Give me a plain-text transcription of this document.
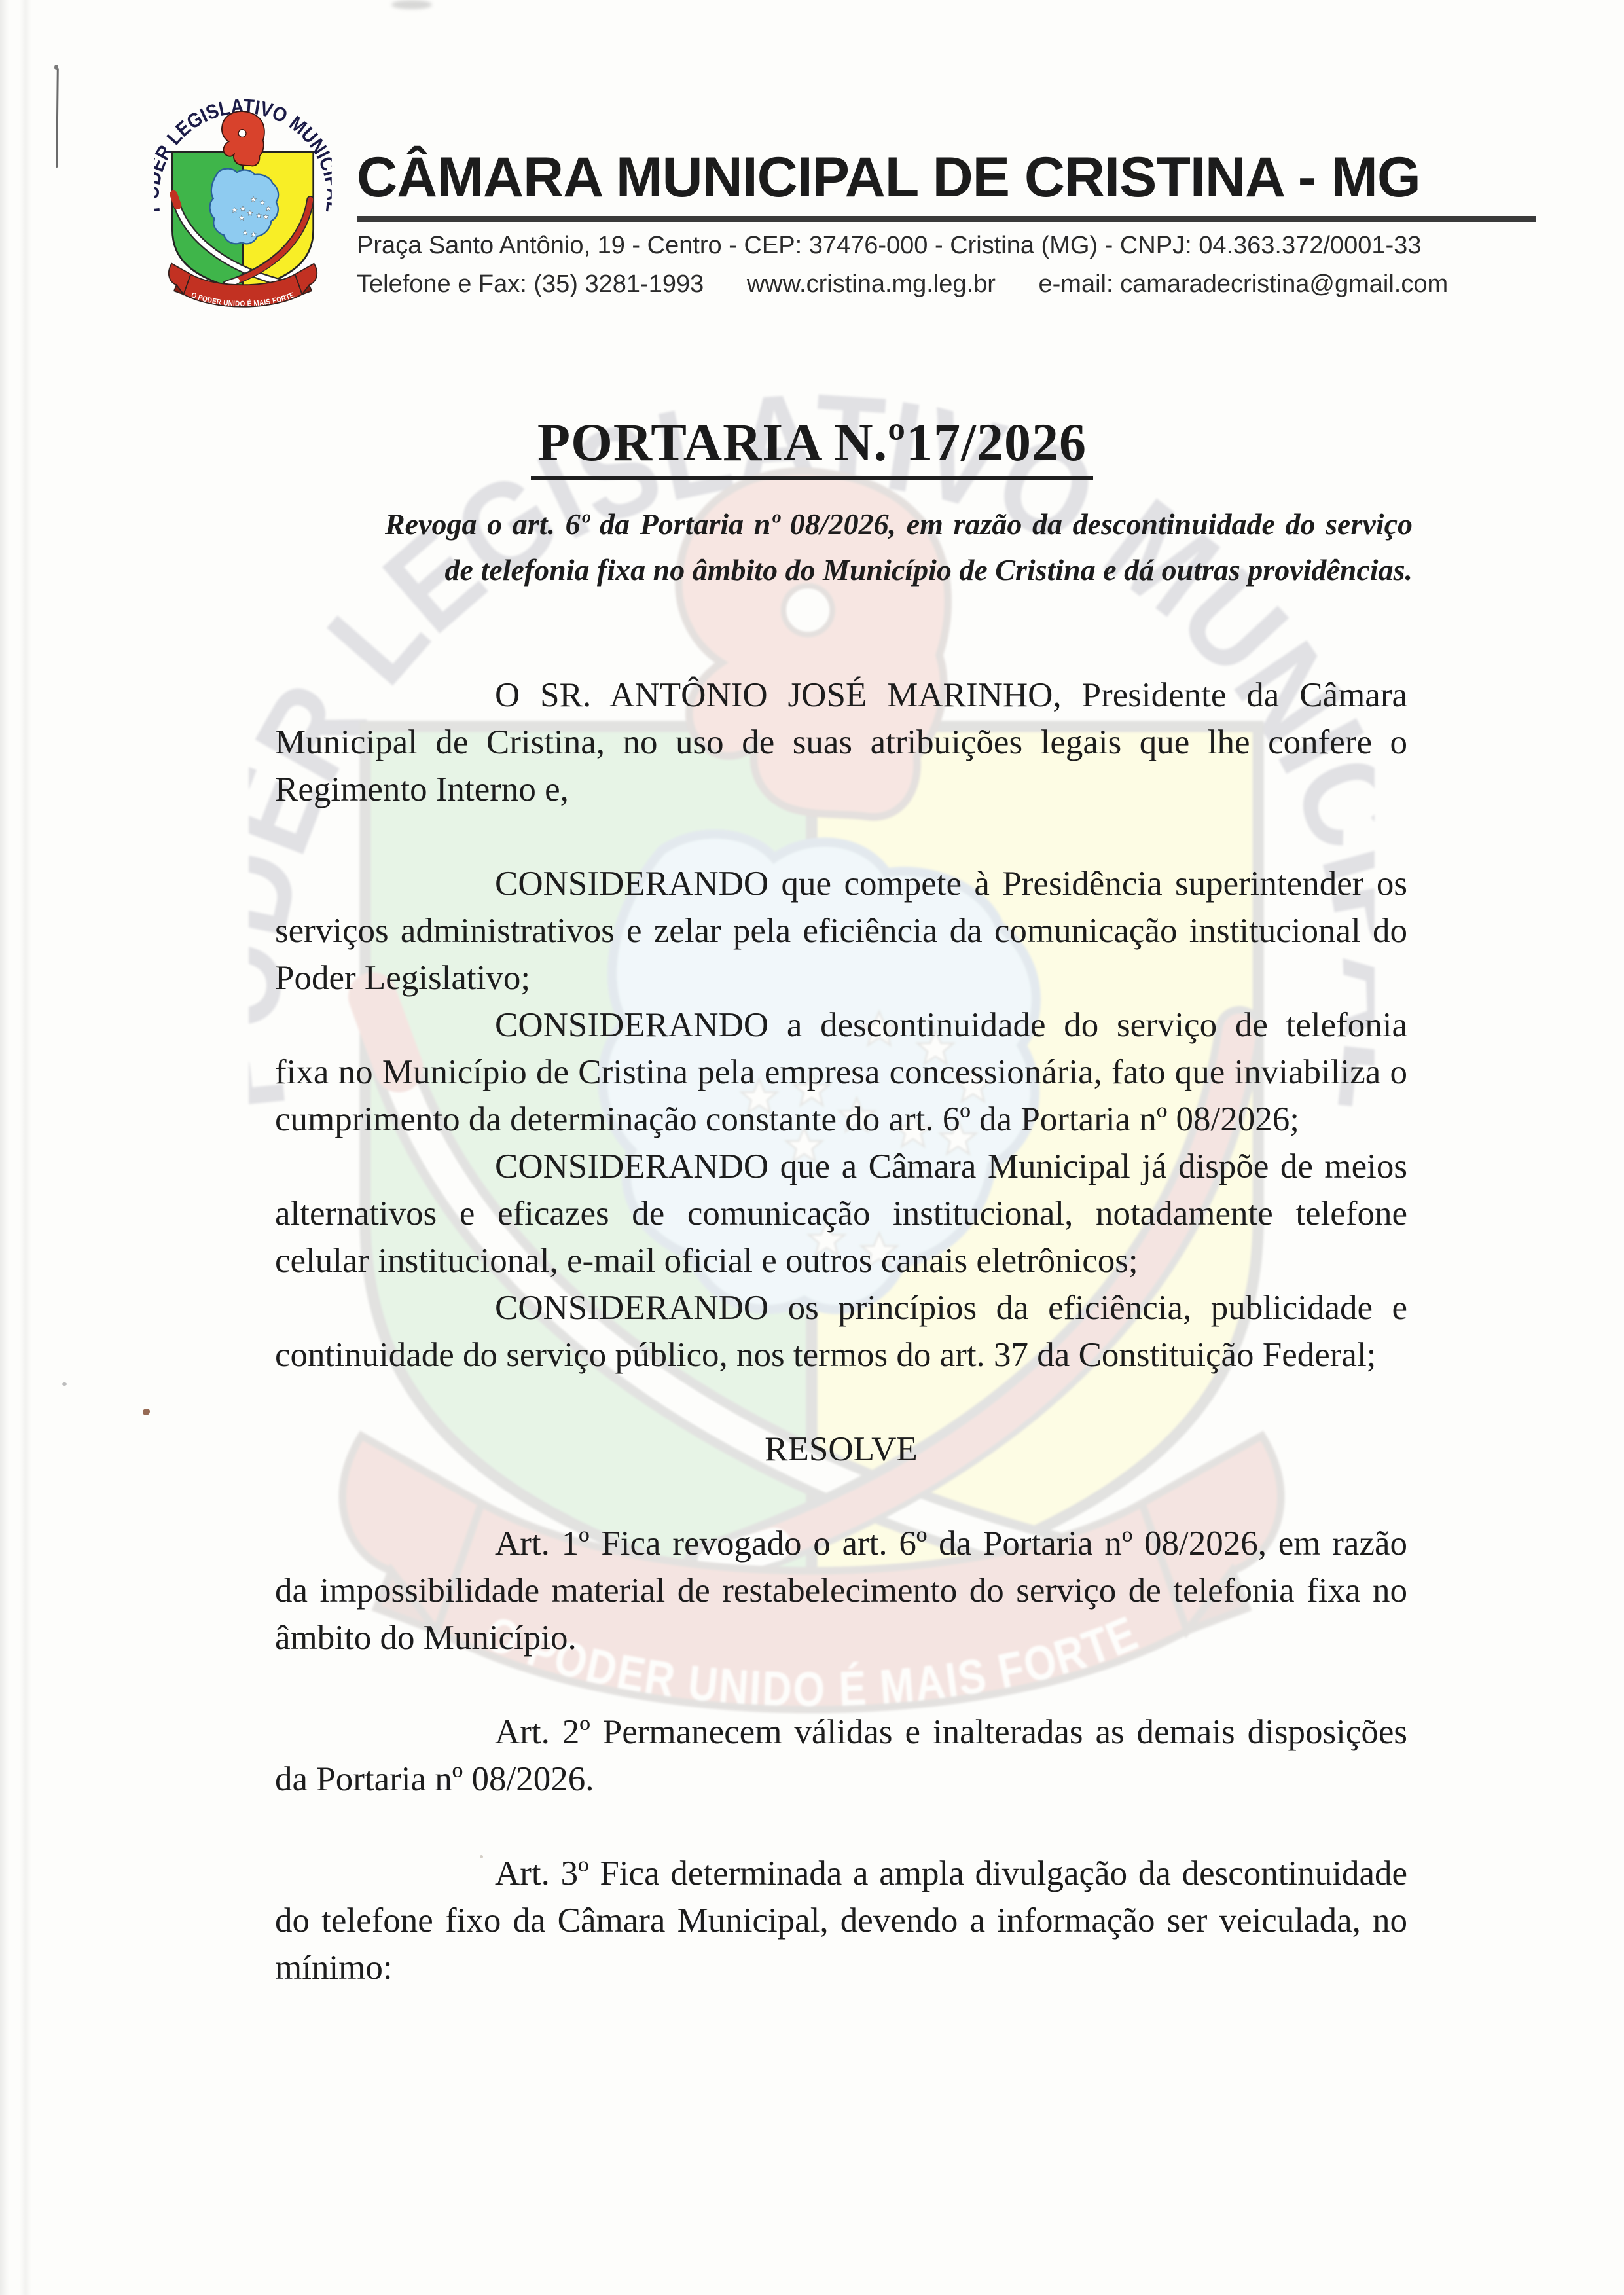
CÂMARA MUNICIPAL DE CRISTINA - MG
Praça Santo Antônio, 19 - Centro - CEP: 37476-000 - Cristina (MG) - CNPJ: 04.363.372/0001-33
Telefone e Fax: (35) 3281-1993 www.cristina.mg.leg.br e-mail: camaradecristina@gmail.com
PORTARIA N.º17/2026
Revoga o art. 6º da Portaria nº 08/2026, em razão da descontinuidade do serviço de telefonia fixa no âmbito do Município de Cristina e dá outras providências.

O SR. ANTÔNIO JOSÉ MARINHO, Presidente da Câmara Municipal de Cristina, no uso de suas atribuições legais que lhe confere o Regimento Interno e,

CONSIDERANDO que compete à Presidência superintender os serviços administrativos e zelar pela eficiência da comunicação institucional do Poder Legislativo;

CONSIDERANDO a descontinuidade do serviço de telefonia fixa no Município de Cristina pela empresa concessionária, fato que inviabiliza o cumprimento da determinação constante do art. 6º da Portaria nº 08/2026;

CONSIDERANDO que a Câmara Municipal já dispõe de meios alternativos e eficazes de comunicação institucional, notadamente telefone celular institucional, e-mail oficial e outros canais eletrônicos;

CONSIDERANDO os princípios da eficiência, publicidade e continuidade do serviço público, nos termos do art. 37 da Constituição Federal;

RESOLVE

Art. 1º Fica revogado o art. 6º da Portaria nº 08/2026, em razão da impossibilidade material de restabelecimento do serviço de telefonia fixa no âmbito do Município.

Art. 2º Permanecem válidas e inalteradas as demais disposições da Portaria nº 08/2026.

Art. 3º Fica determinada a ampla divulgação da descontinuidade do telefone fixo da Câmara Municipal, devendo a informação ser veiculada, no mínimo:
